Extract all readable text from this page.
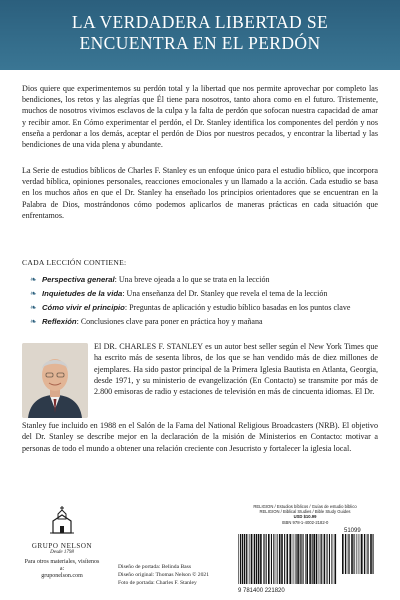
LA VERDADERA LIBERTAD SE
ENCUENTRA EN EL PERDÓN

Dios quiere que experimentemos su perdón total y la libertad que nos permite aprovechar por completo las bendiciones, los retos y las alegrías que Él tiene para nosotros, tanto ahora como en el futuro. Tristemente, muchos de nosotros vivimos esclavos de la culpa y la falta de perdón que sofocan nuestra capacidad de amar y recibir amor. En Cómo experimentar el perdón, el Dr. Stanley identifica los componentes del perdón y nos enseña a perdonar a los demás, aceptar el perdón de Dios por nuestros pecados, y encontrar la libertad y las bendiciones de una vida plena y abundante.

La Serie de estudios bíblicos de Charles F. Stanley es un enfoque único para el estudio bíblico, que incorpora verdad bíblica, opiniones personales, reacciones emocionales y un llamado a la acción. Cada estudio se basa en los muchos años en que el Dr. Stanley ha enseñado los principios orientadores que se encuentran en la Palabra de Dios, mostrándonos cómo podemos aplicarlos de maneras prácticas en cada situación que enfrentamos.

CADA LECCIÓN CONTIENE:
❧ Perspectiva general: Una breve ojeada a lo que se trata en la lección
❧ Inquietudes de la vida: Una enseñanza del Dr. Stanley que revela el tema de la lección
❧ Cómo vivir el principio: Preguntas de aplicación y estudio bíblico basadas en los puntos clave
❧ Reflexión: Conclusiones clave para poner en práctica hoy y mañana

El DR. CHARLES F. STANLEY es un autor best seller según el New York Times que ha escrito más de sesenta libros, de los que se han vendido más de diez millones de ejemplares. Ha sido pastor principal de la Primera Iglesia Bautista en Atlanta, Georgia, desde 1971, y su ministerio de evangelización (En Contacto) se transmite por más de 2.800 emisoras de radio y estaciones de televisión en más de cincuenta idiomas. El Dr.

Stanley fue incluido en 1988 en el Salón de la Fama del National Religious Broadcasters (NRB). El objetivo del Dr. Stanley se describe mejor en la declaración de la misión de Ministerios en Contacto: motivar a personas de todo el mundo a obtener una relación creciente con Jesucristo y fortalecer la iglesia local.

GRUPO NELSON
Desde 1798
Para otros materiales, visítenos a:
gruponelson.com
Diseño de portada: Belinda Bass
Diseño original: Thomas Nelson © 2021
Foto de portada: Charles F. Stanley
RELIGION / Estudios bíblicos / Guías de estudio bíblico
RELIGION / Biblical Studies / Bible Study Guides
USD $10.99
ISBN 978-1-4002-2182-0
51099
9 781400 221820
